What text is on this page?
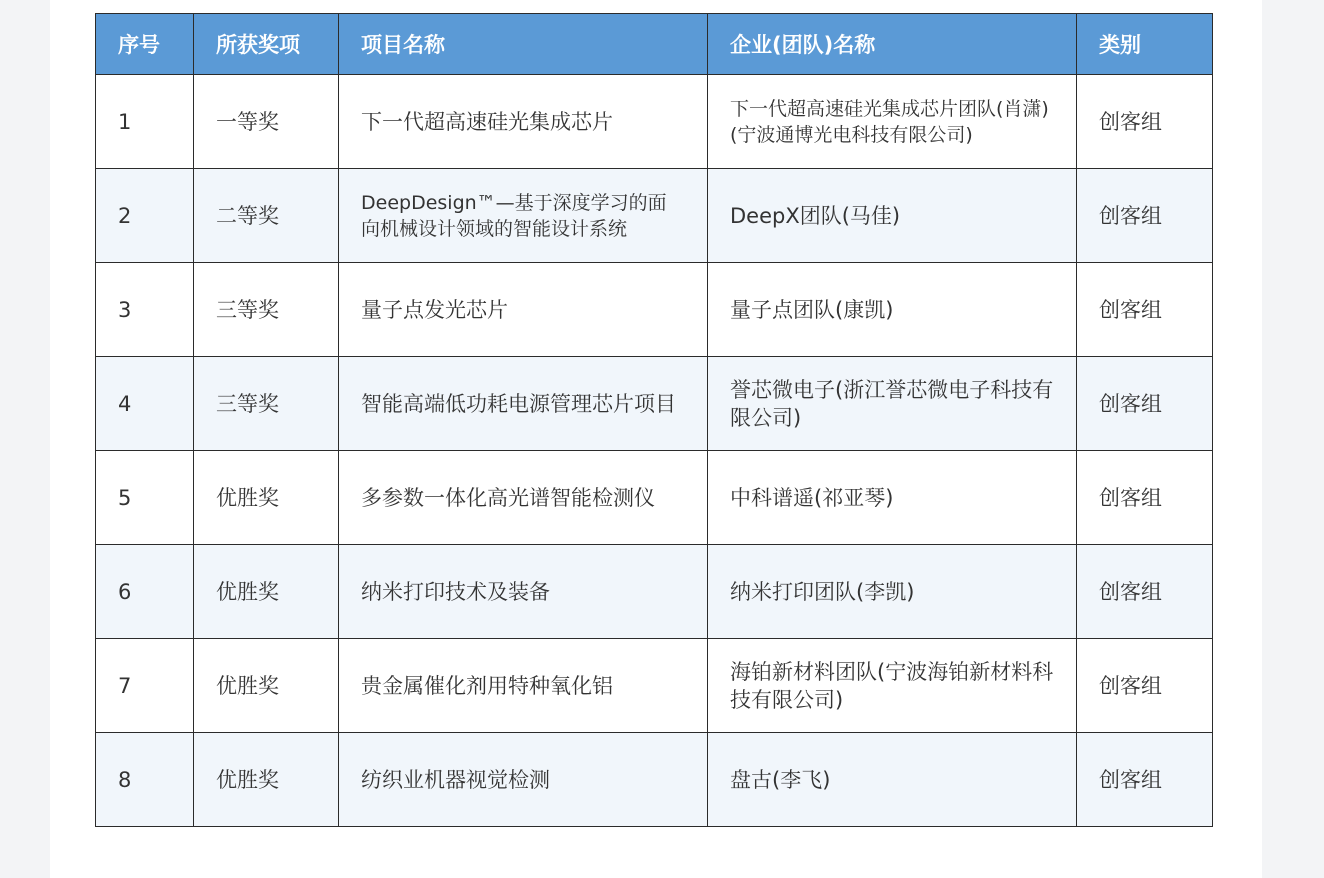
序号	所获奖项	项目名称	企业(团队)名称	类别
1	一等奖	下一代超高速硅光集成芯片	下一代超高速硅光集成芯片团队(肖潇)(宁波通博光电科技有限公司)	创客组
2	二等奖	DeepDesign™—基于深度学习的面向机械设计领域的智能设计系统	DeepX团队(马佳)	创客组
3	三等奖	量子点发光芯片	量子点团队(康凯)	创客组
4	三等奖	智能高端低功耗电源管理芯片项目	誉芯微电子(浙江誉芯微电子科技有限公司)	创客组
5	优胜奖	多参数一体化高光谱智能检测仪	中科谱遥(祁亚琴)	创客组
6	优胜奖	纳米打印技术及装备	纳米打印团队(李凯)	创客组
7	优胜奖	贵金属催化剂用特种氧化铝	海铂新材料团队(宁波海铂新材料科技有限公司)	创客组
8	优胜奖	纺织业机器视觉检测	盘古(李飞)	创客组
